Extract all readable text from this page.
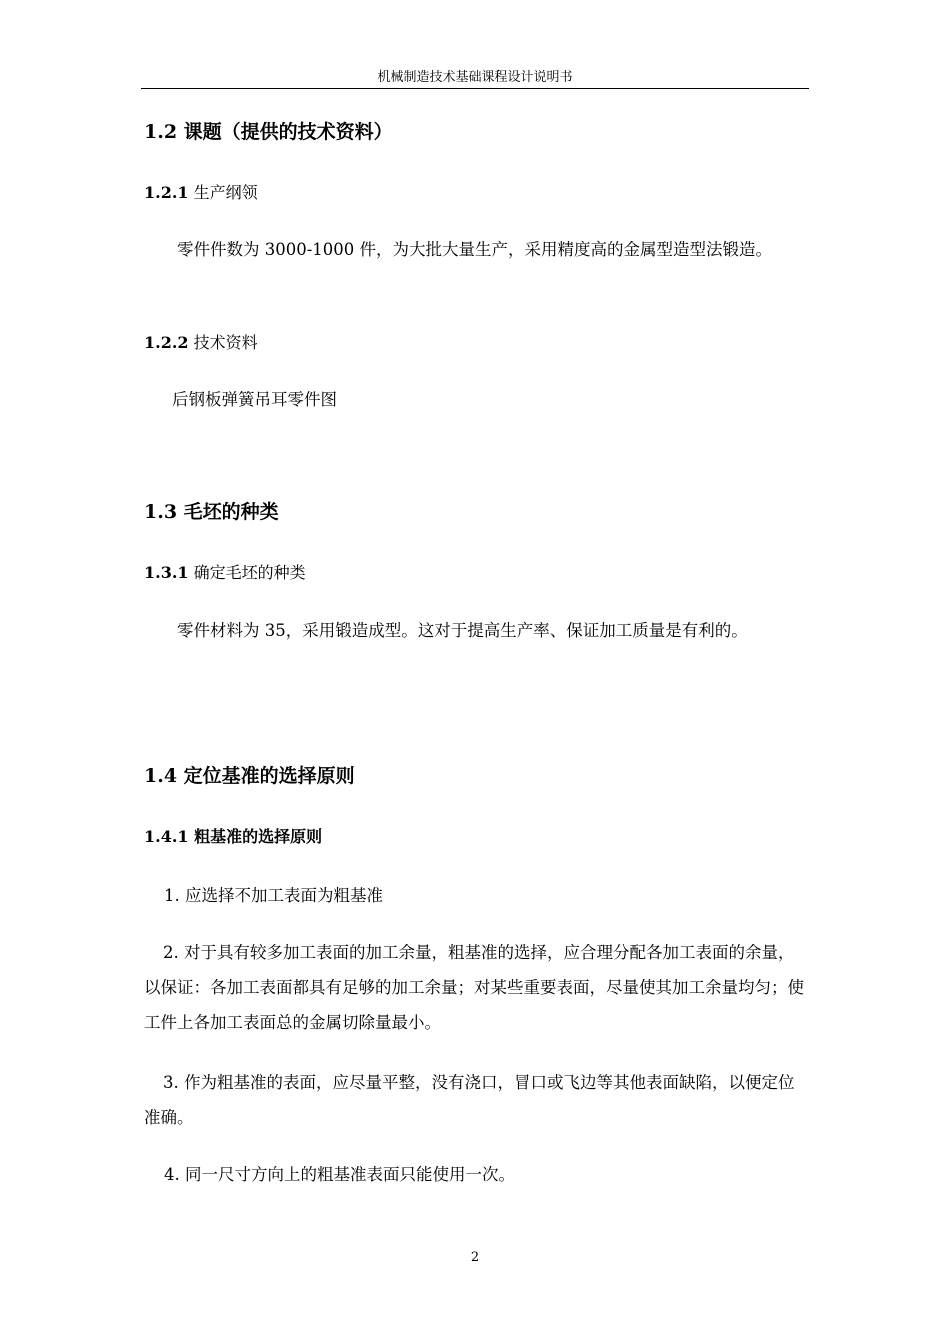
机械制造技术基础课程设计说明书
1.2 课题（提供的技术资料）
1.2.1 生产纲领
零件件数为 3000-1000 件，为大批大量生产，采用精度高的金属型造型法锻造。
1.2.2 技术资料
后钢板弹簧吊耳零件图
1.3 毛坯的种类
1.3.1 确定毛坯的种类
零件材料为 35，采用锻造成型。这对于提高生产率、保证加工质量是有利的。
1.4 定位基准的选择原则
1.4.1 粗基准的选择原则
1. 应选择不加工表面为粗基准
2. 对于具有较多加工表面的加工余量，粗基准的选择，应合理分配各加工表面的余量，以保证：各加工表面都具有足够的加工余量；对某些重要表面，尽量使其加工余量均匀；使工件上各加工表面总的金属切除量最小。
3. 作为粗基准的表面，应尽量平整，没有浇口，冒口或飞边等其他表面缺陷，以便定位准确。
4. 同一尺寸方向上的粗基准表面只能使用一次。
2
